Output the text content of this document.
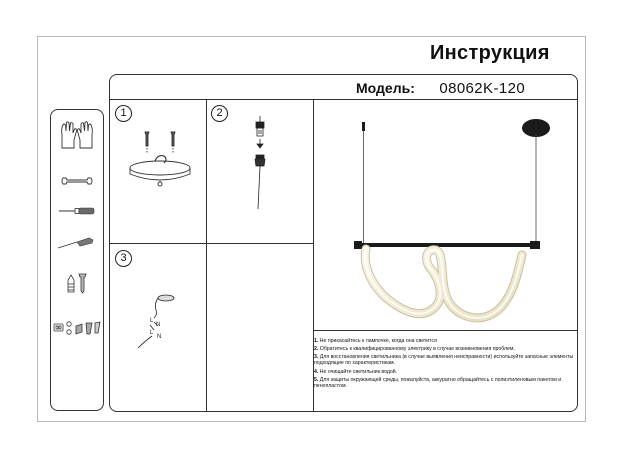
Инструкция
Модель: 08062K-120
1	2
3
L
N
L
N
1. Не прикасайтесь к лампочке, когда она светится
2. Обратитесь к квалифицированному электрику в случае возникновения проблем.
3. Для восстановления светильника (в случае выявления неисправности) используйте запасные элементы подходящие по характеристикам.
4. Не очищайте светильник водой.
5. Для защиты окружающей среды, пожалуйста, аккуратно обращайтесь с полиэтиленовым пакетом и пенопластом.
